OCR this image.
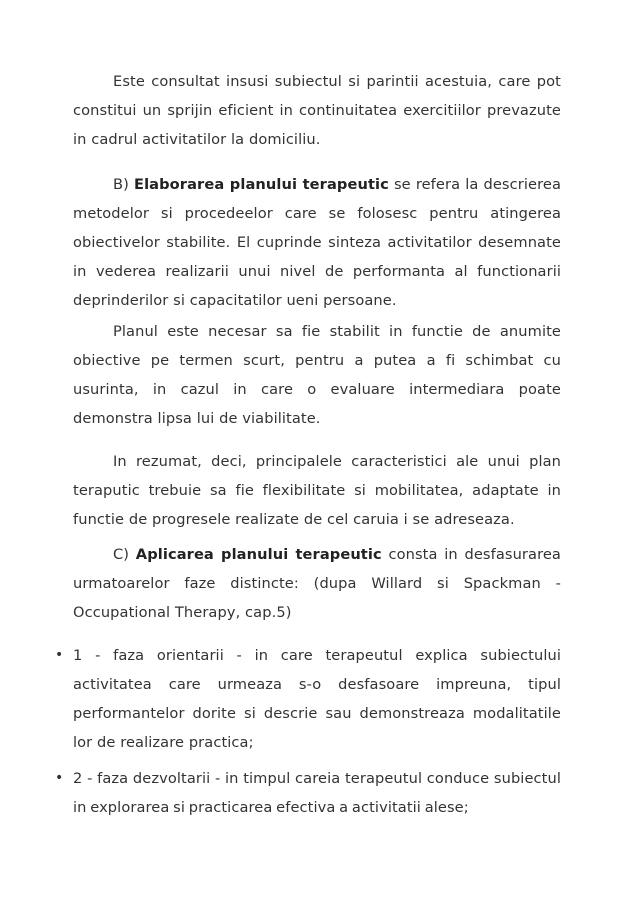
Este consultat insusi subiectul si parintii acestuia, care pot constitui un sprijin eficient in continuitatea exercitiilor prevazute in cadrul activitatilor la domiciliu.

B) Elaborarea planului terapeutic se refera la descrierea metodelor si procedeelor care se folosesc pentru atingerea obiectivelor stabilite. El cuprinde sinteza activitatilor desemnate in vederea realizarii unui nivel de performanta al functionarii deprinderilor si capacitatilor ueni persoane.

Planul este necesar sa fie stabilit in functie de anumite obiective pe termen scurt, pentru a putea a fi schimbat cu usurinta, in cazul in care o evaluare intermediara poate demonstra lipsa lui de viabilitate.

In rezumat, deci, principalele caracteristici ale unui plan teraputic trebuie sa fie flexibilitate si mobilitatea, adaptate in functie de progresele realizate de cel caruia i se adreseaza.

C) Aplicarea planului terapeutic consta in desfasurarea urmatoarelor faze distincte: (dupa Willard si Spackman - Occupational Therapy, cap.5)

• 1 - faza orientarii - in care terapeutul explica subiectului activitatea care urmeaza s-o desfasoare impreuna, tipul performantelor dorite si descrie sau demonstreaza modalitatile lor de realizare practica;

• 2 - faza dezvoltarii - in timpul careia terapeutul conduce subiectul in explorarea si practicarea efectiva a activitatii alese;
